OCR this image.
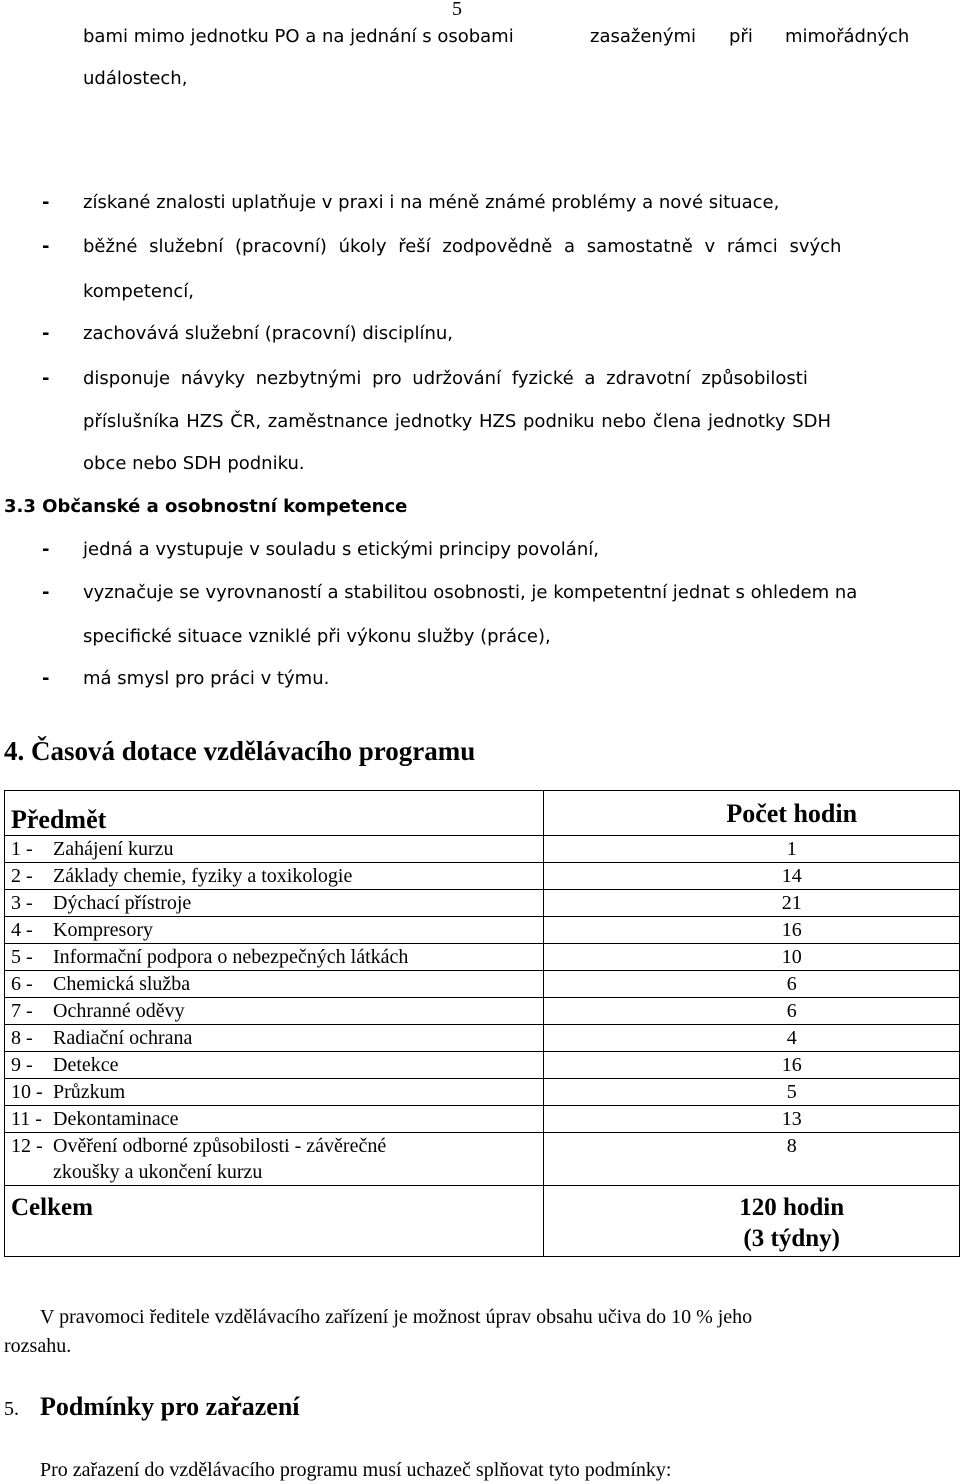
5
bami mimo jednotku PO a na jednání s osobami	zasaženými při mimořádných
událostech,
- získané znalosti uplatňuje v praxi i na méně známé problémy a nové situace,
- běžné služební (pracovní) úkoly řeší zodpovědně a samostatně v rámci svých
kompetencí,
- zachovává služební (pracovní) disciplínu,
- disponuje návyky nezbytnými pro udržování fyzické a zdravotní způsobilosti
příslušníka HZS ČR, zaměstnance jednotky HZS podniku nebo člena jednotky SDH
obce nebo SDH podniku.
3.3 Občanské a osobnostní kompetence
- jedná a vystupuje v souladu s etickými principy povolání,
- vyznačuje se vyrovnaností a stabilitou osobnosti, je kompetentní jednat s ohledem na
specifické situace vzniklé při výkonu služby (práce),
- má smysl pro práci v týmu.
4. Časová dotace vzdělávacího programu
Předmět	Počet hodin
1 - Zahájení kurzu	1
2 - Základy chemie, fyziky a toxikologie	14
3 - Dýchací přístroje	21
4 - Kompresory	16
5 - Informační podpora o nebezpečných látkách	10
6 - Chemická služba	6
7 - Ochranné oděvy	6
8 - Radiační ochrana	4
9 - Detekce	16
10 - Průzkum	5
11 - Dekontaminace	13
12 - Ověření odborné způsobilosti - závěrečné
zkoušky a ukončení kurzu	8
Celkem	120 hodin
(3 týdny)
V pravomoci ředitele vzdělávacího zařízení je možnost úprav obsahu učiva do 10 % jeho
rozsahu.
5. Podmínky pro zařazení
Pro zařazení do vzdělávacího programu musí uchazeč splňovat tyto podmínky:
